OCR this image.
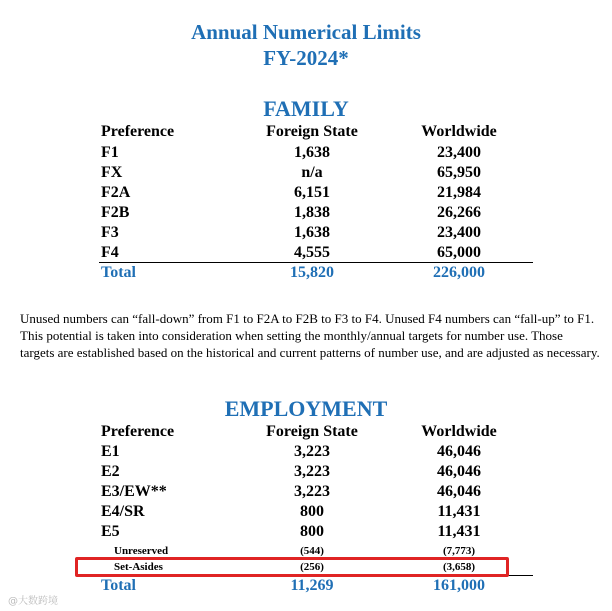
Annual Numerical Limits
FY-2024*
FAMILY
Preference	Foreign State	Worldwide
F1	1,638	23,400
FX	n/a	65,950
F2A	6,151	21,984
F2B	1,838	26,266
F3	1,638	23,400
F4	4,555	65,000
Total	15,820	226,000
Unused numbers can “fall-down” from F1 to F2A to F2B to F3 to F4. Unused F4 numbers can “fall-up” to F1. This potential is taken into consideration when setting the monthly/annual targets for number use. Those targets are established based on the historical and current patterns of number use, and are adjusted as necessary.
EMPLOYMENT
Preference	Foreign State	Worldwide
E1	3,223	46,046
E2	3,223	46,046
E3/EW**	3,223	46,046
E4/SR	800	11,431
E5	800	11,431
Unreserved	(544)	(7,773)
Set-Asides	(256)	(3,658)
Total	11,269	161,000
@大数跨境
